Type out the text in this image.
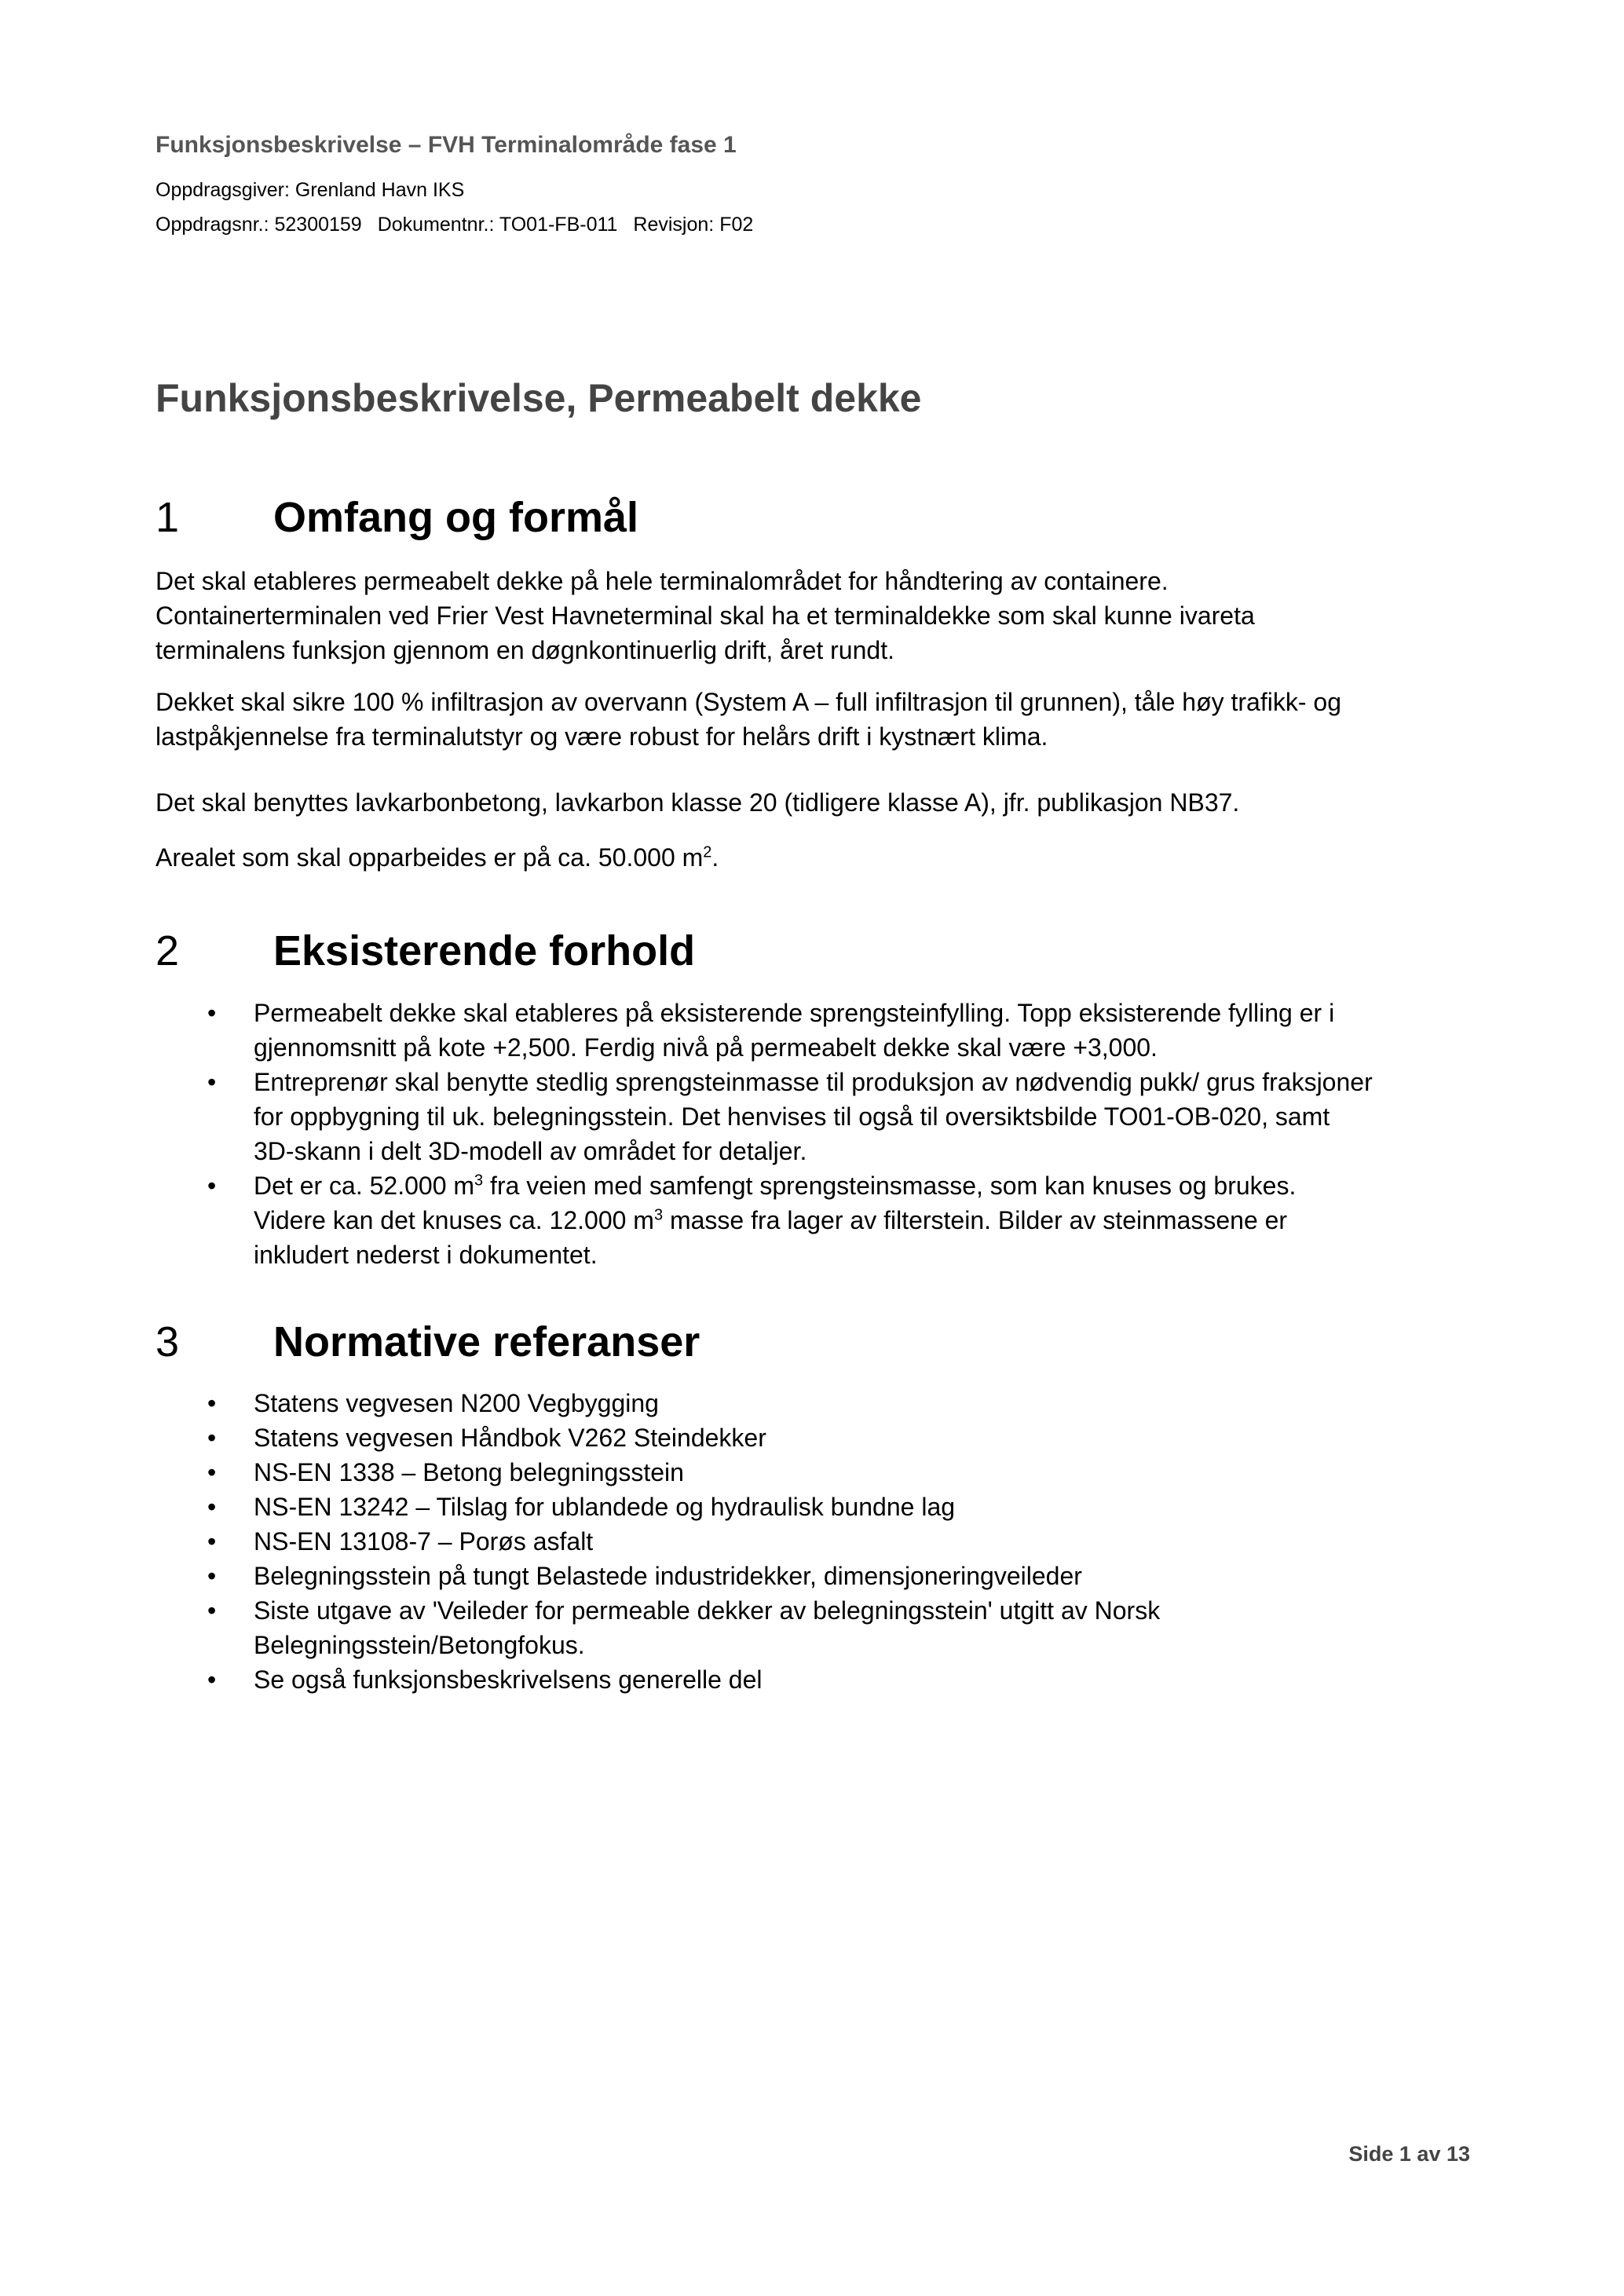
Funksjonsbeskrivelse – FVH Terminalområde fase 1
Oppdragsgiver: Grenland Havn IKS
Oppdragsnr.: 52300159 Dokumentnr.: TO01-FB-011 Revisjon: F02
Funksjonsbeskrivelse, Permeabelt dekke
1 Omfang og formål
Det skal etableres permeabelt dekke på hele terminalområdet for håndtering av containere.
Containerterminalen ved Frier Vest Havneterminal skal ha et terminaldekke som skal kunne ivareta
terminalens funksjon gjennom en døgnkontinuerlig drift, året rundt.
Dekket skal sikre 100 % infiltrasjon av overvann (System A – full infiltrasjon til grunnen), tåle høy trafikk- og
lastpåkjennelse fra terminalutstyr og være robust for helårs drift i kystnært klima.
Det skal benyttes lavkarbonbetong, lavkarbon klasse 20 (tidligere klasse A), jfr. publikasjon NB37.
Arealet som skal opparbeides er på ca. 50.000 $m^2$.
2 Eksisterende forhold
• Permeabelt dekke skal etableres på eksisterende sprengsteinfylling. Topp eksisterende fylling er i
gjennomsnitt på kote +2,500. Ferdig nivå på permeabelt dekke skal være +3,000.
• Entreprenør skal benytte stedlig sprengsteinmasse til produksjon av nødvendig pukk/ grus fraksjoner
for oppbygning til uk. belegningsstein. Det henvises til også til oversiktsbilde TO01-OB-020, samt
3D-skann i delt 3D-modell av området for detaljer.
• Det er ca. 52.000 $m^3$ fra veien med samfengt sprengsteinsmasse, som kan knuses og brukes.
Videre kan det knuses ca. 12.000 $m^3$ masse fra lager av filterstein. Bilder av steinmassene er
inkludert nederst i dokumentet.
3 Normative referanser
• Statens vegvesen N200 Vegbygging
• Statens vegvesen Håndbok V262 Steindekker
• NS-EN 1338 – Betong belegningsstein
• NS-EN 13242 – Tilslag for ublandede og hydraulisk bundne lag
• NS-EN 13108-7 – Porøs asfalt
• Belegningsstein på tungt Belastede industridekker, dimensjoneringveileder
• Siste utgave av 'Veileder for permeable dekker av belegningsstein' utgitt av Norsk
Belegningsstein/Betongfokus.
• Se også funksjonsbeskrivelsens generelle del
Side 1 av 13
